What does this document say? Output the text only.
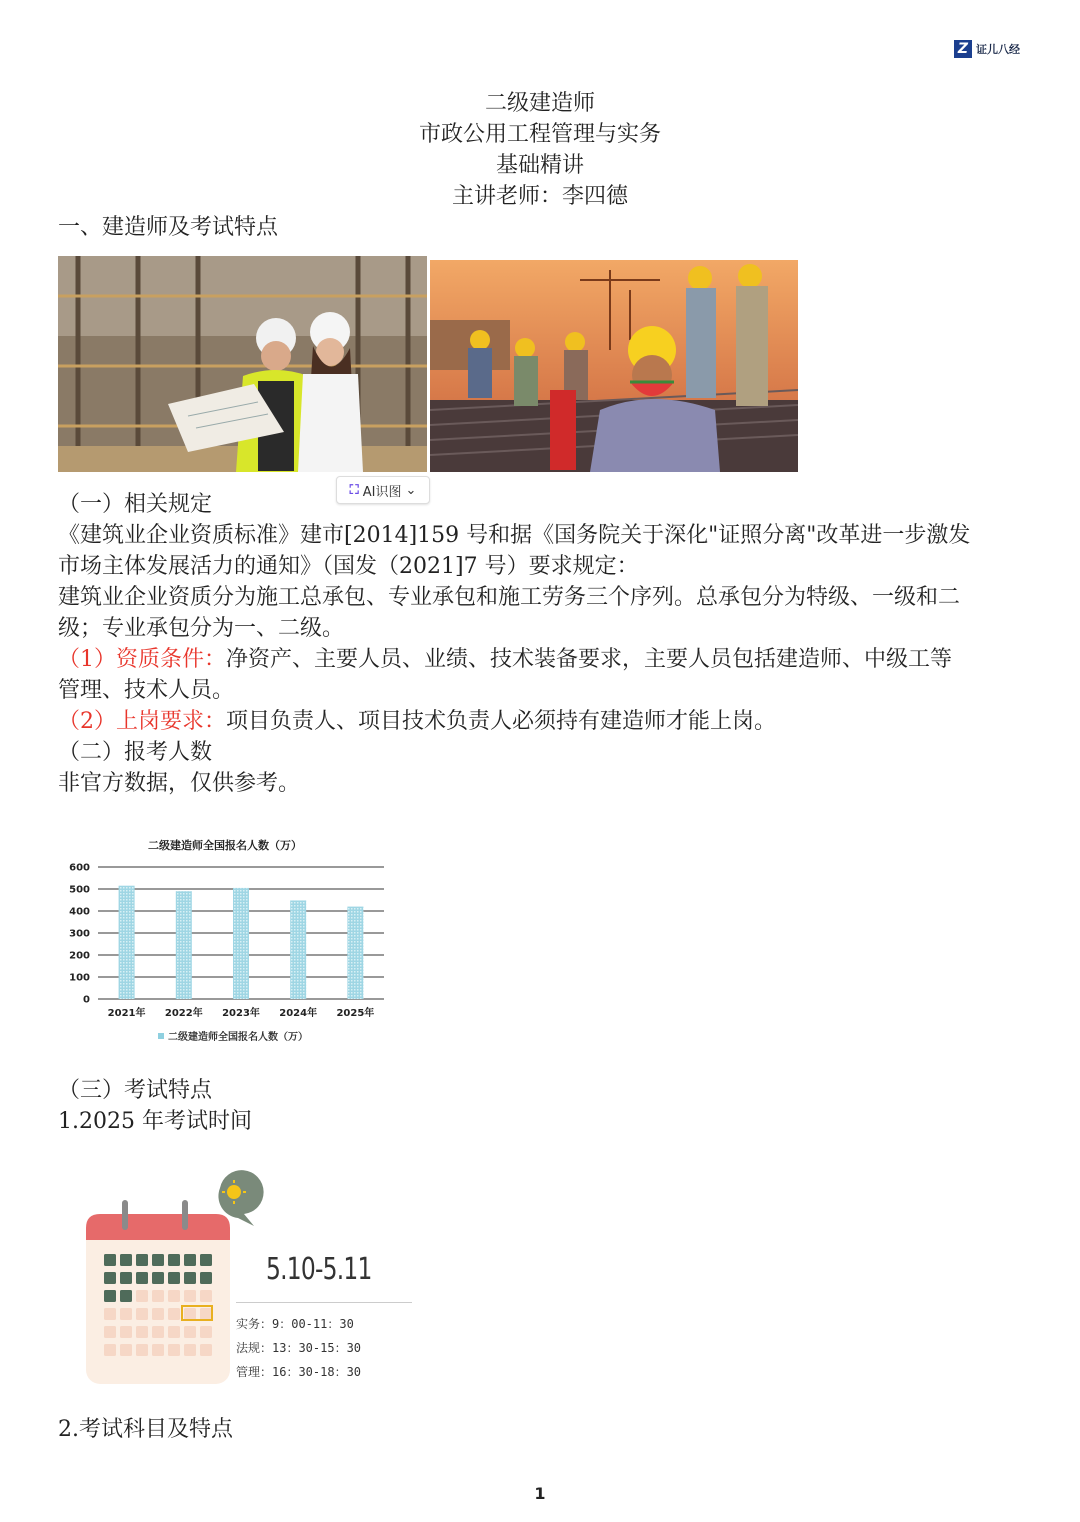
Z 证儿八经
二级建造师
市政公用工程管理与实务
基础精讲
主讲老师：李四德
一、建造师及考试特点
⛶ AI识图 ⌄
（一）相关规定
《建筑业企业资质标准》建市[2014]159 号和据《国务院关于深化"证照分离"改革进一步激发
市场主体发展活力的通知》（国发（2021]7 号）要求规定：
建筑业企业资质分为施工总承包、专业承包和施工劳务三个序列。总承包分为特级、一级和二
级；专业承包分为一、二级。
（1）资质条件：净资产、主要人员、业绩、技术装备要求，主要人员包括建造师、中级工等
管理、技术人员。
（2）上岗要求：项目负责人、项目技术负责人必须持有建造师才能上岗。
（二）报考人数
非官方数据，仅供参考。
二级建造师全国报名人数（万）
0
100
200
300
400
500
600
2021年 2022年 2023年 2024年 2025年
二级建造师全国报名人数（万）
（三）考试特点
1.2025 年考试时间
5.10-5.11
实务：9：00-11：30
法规：13：30-15：30
管理：16：30-18：30
2.考试科目及特点
1
